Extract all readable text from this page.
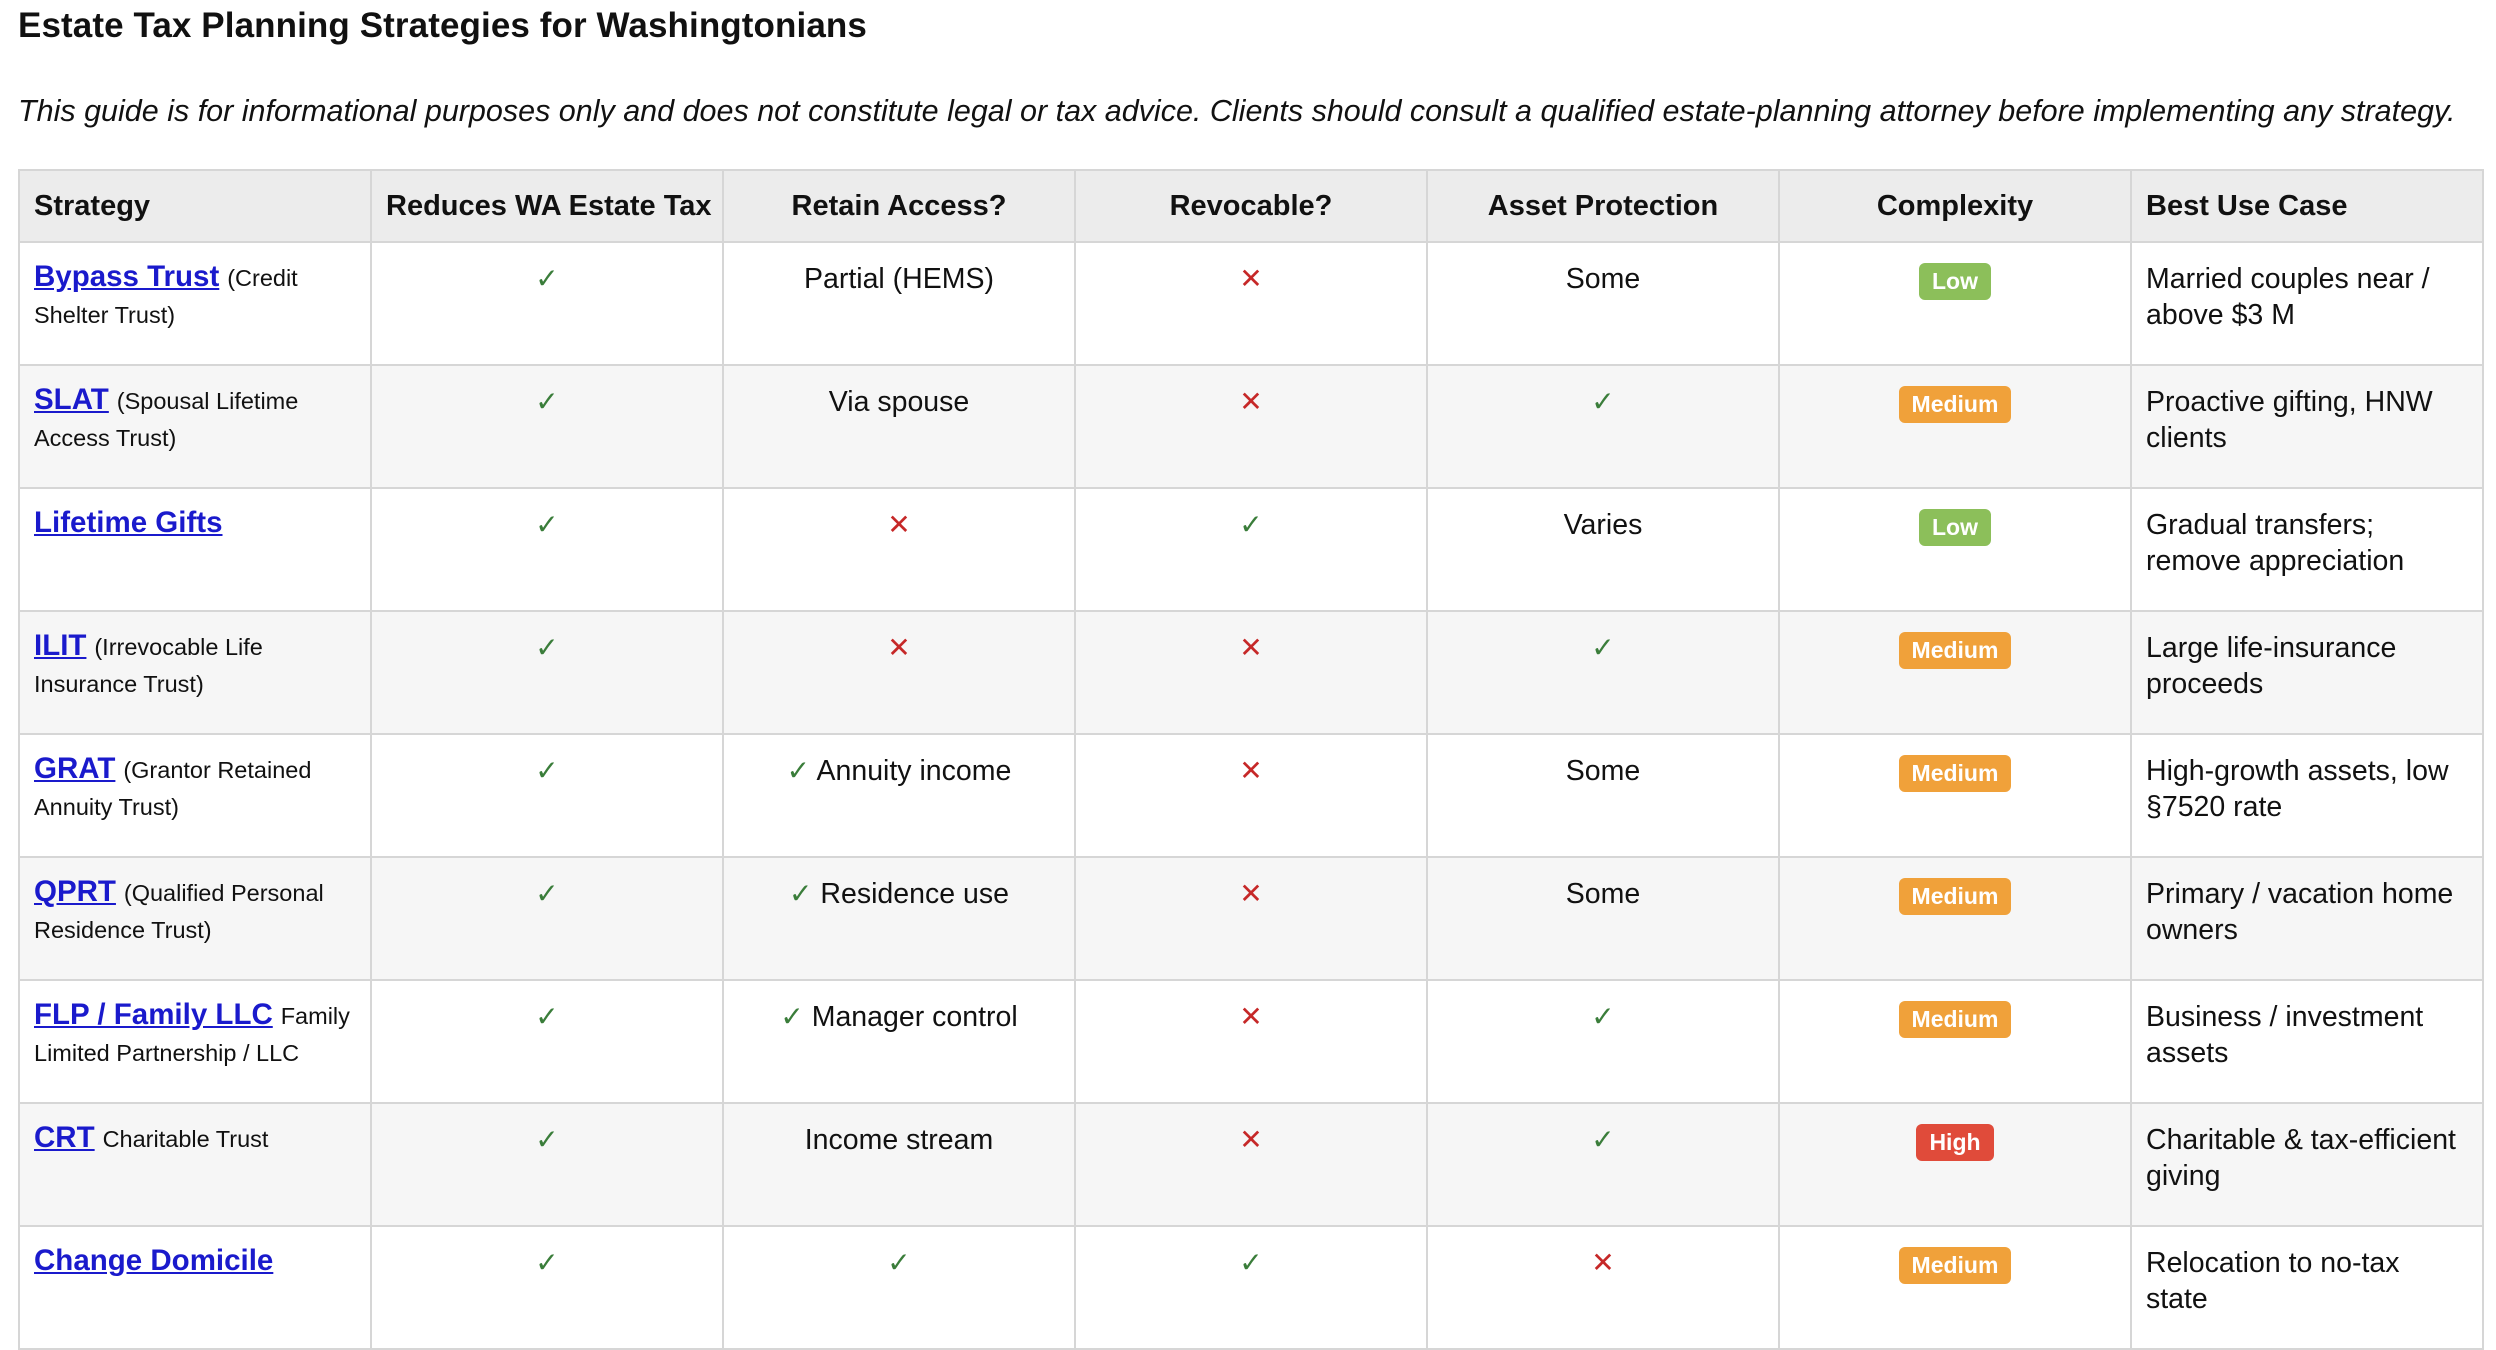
Estate Tax Planning Strategies for Washingtonians

This guide is for informational purposes only and does not constitute legal or tax advice. Clients should consult a qualified estate-planning attorney before implementing any strategy.

Strategy	Reduces WA Estate Tax	Retain Access?	Revocable?	Asset Protection	Complexity	Best Use Case
Bypass Trust (Credit Shelter Trust)	✓	Partial (HEMS)	✕	Some	Low	Married couples near / above $3 M
SLAT (Spousal Lifetime Access Trust)	✓	Via spouse	✕	✓	Medium	Proactive gifting, HNW clients
Lifetime Gifts	✓	✕	✓	Varies	Low	Gradual transfers; remove appreciation
ILIT (Irrevocable Life Insurance Trust)	✓	✕	✕	✓	Medium	Large life-insurance proceeds
GRAT (Grantor Retained Annuity Trust)	✓	✓ Annuity income	✕	Some	Medium	High-growth assets, low §7520 rate
QPRT (Qualified Personal Residence Trust)	✓	✓ Residence use	✕	Some	Medium	Primary / vacation home owners
FLP / Family LLC Family Limited Partnership / LLC	✓	✓ Manager control	✕	✓	Medium	Business / investment assets
CRT Charitable Trust	✓	Income stream	✕	✓	High	Charitable & tax-efficient giving
Change Domicile	✓	✓	✓	✕	Medium	Relocation to no-tax state
